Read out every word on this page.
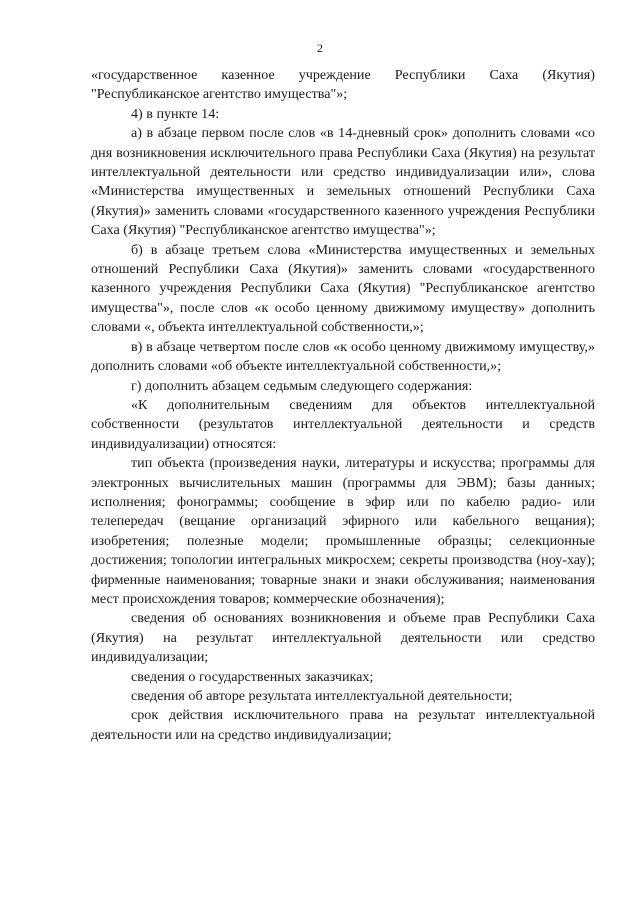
2

«государственное казенное учреждение Республики Саха (Якутия) "Республиканское агентство имущества"»;

4) в пункте 14:

а) в абзаце первом после слов «в 14-дневный срок» дополнить словами «со дня возникновения исключительного права Республики Саха (Якутия) на результат интеллектуальной деятельности или средство индивидуализации или», слова «Министерства имущественных и земельных отношений Республики Саха (Якутия)» заменить словами «государственного казенного учреждения Республики Саха (Якутия) "Республиканское агентство имущества"»;

б) в абзаце третьем слова «Министерства имущественных и земельных отношений Республики Саха (Якутия)» заменить словами «государственного казенного учреждения Республики Саха (Якутия) "Республиканское агентство имущества"», после слов «к особо ценному движимому имуществу» дополнить словами «, объекта интеллектуальной собственности,»;

в) в абзаце четвертом после слов «к особо ценному движимому имуществу,» дополнить словами «об объекте интеллектуальной собственности,»;

г) дополнить абзацем седьмым следующего содержания:

«К дополнительным сведениям для объектов интеллектуальной собственности (результатов интеллектуальной деятельности и средств индивидуализации) относятся:

тип объекта (произведения науки, литературы и искусства; программы для электронных вычислительных машин (программы для ЭВМ); базы данных; исполнения; фонограммы; сообщение в эфир или по кабелю радио- или телепередач (вещание организаций эфирного или кабельного вещания); изобретения; полезные модели; промышленные образцы; селекционные достижения; топологии интегральных микросхем; секреты производства (ноу-хау); фирменные наименования; товарные знаки и знаки обслуживания; наименования мест происхождения товаров; коммерческие обозначения);

сведения об основаниях возникновения и объеме прав Республики Саха (Якутия) на результат интеллектуальной деятельности или средство индивидуализации;

сведения о государственных заказчиках;

сведения об авторе результата интеллектуальной деятельности;

срок действия исключительного права на результат интеллектуальной деятельности или на средство индивидуализации;
